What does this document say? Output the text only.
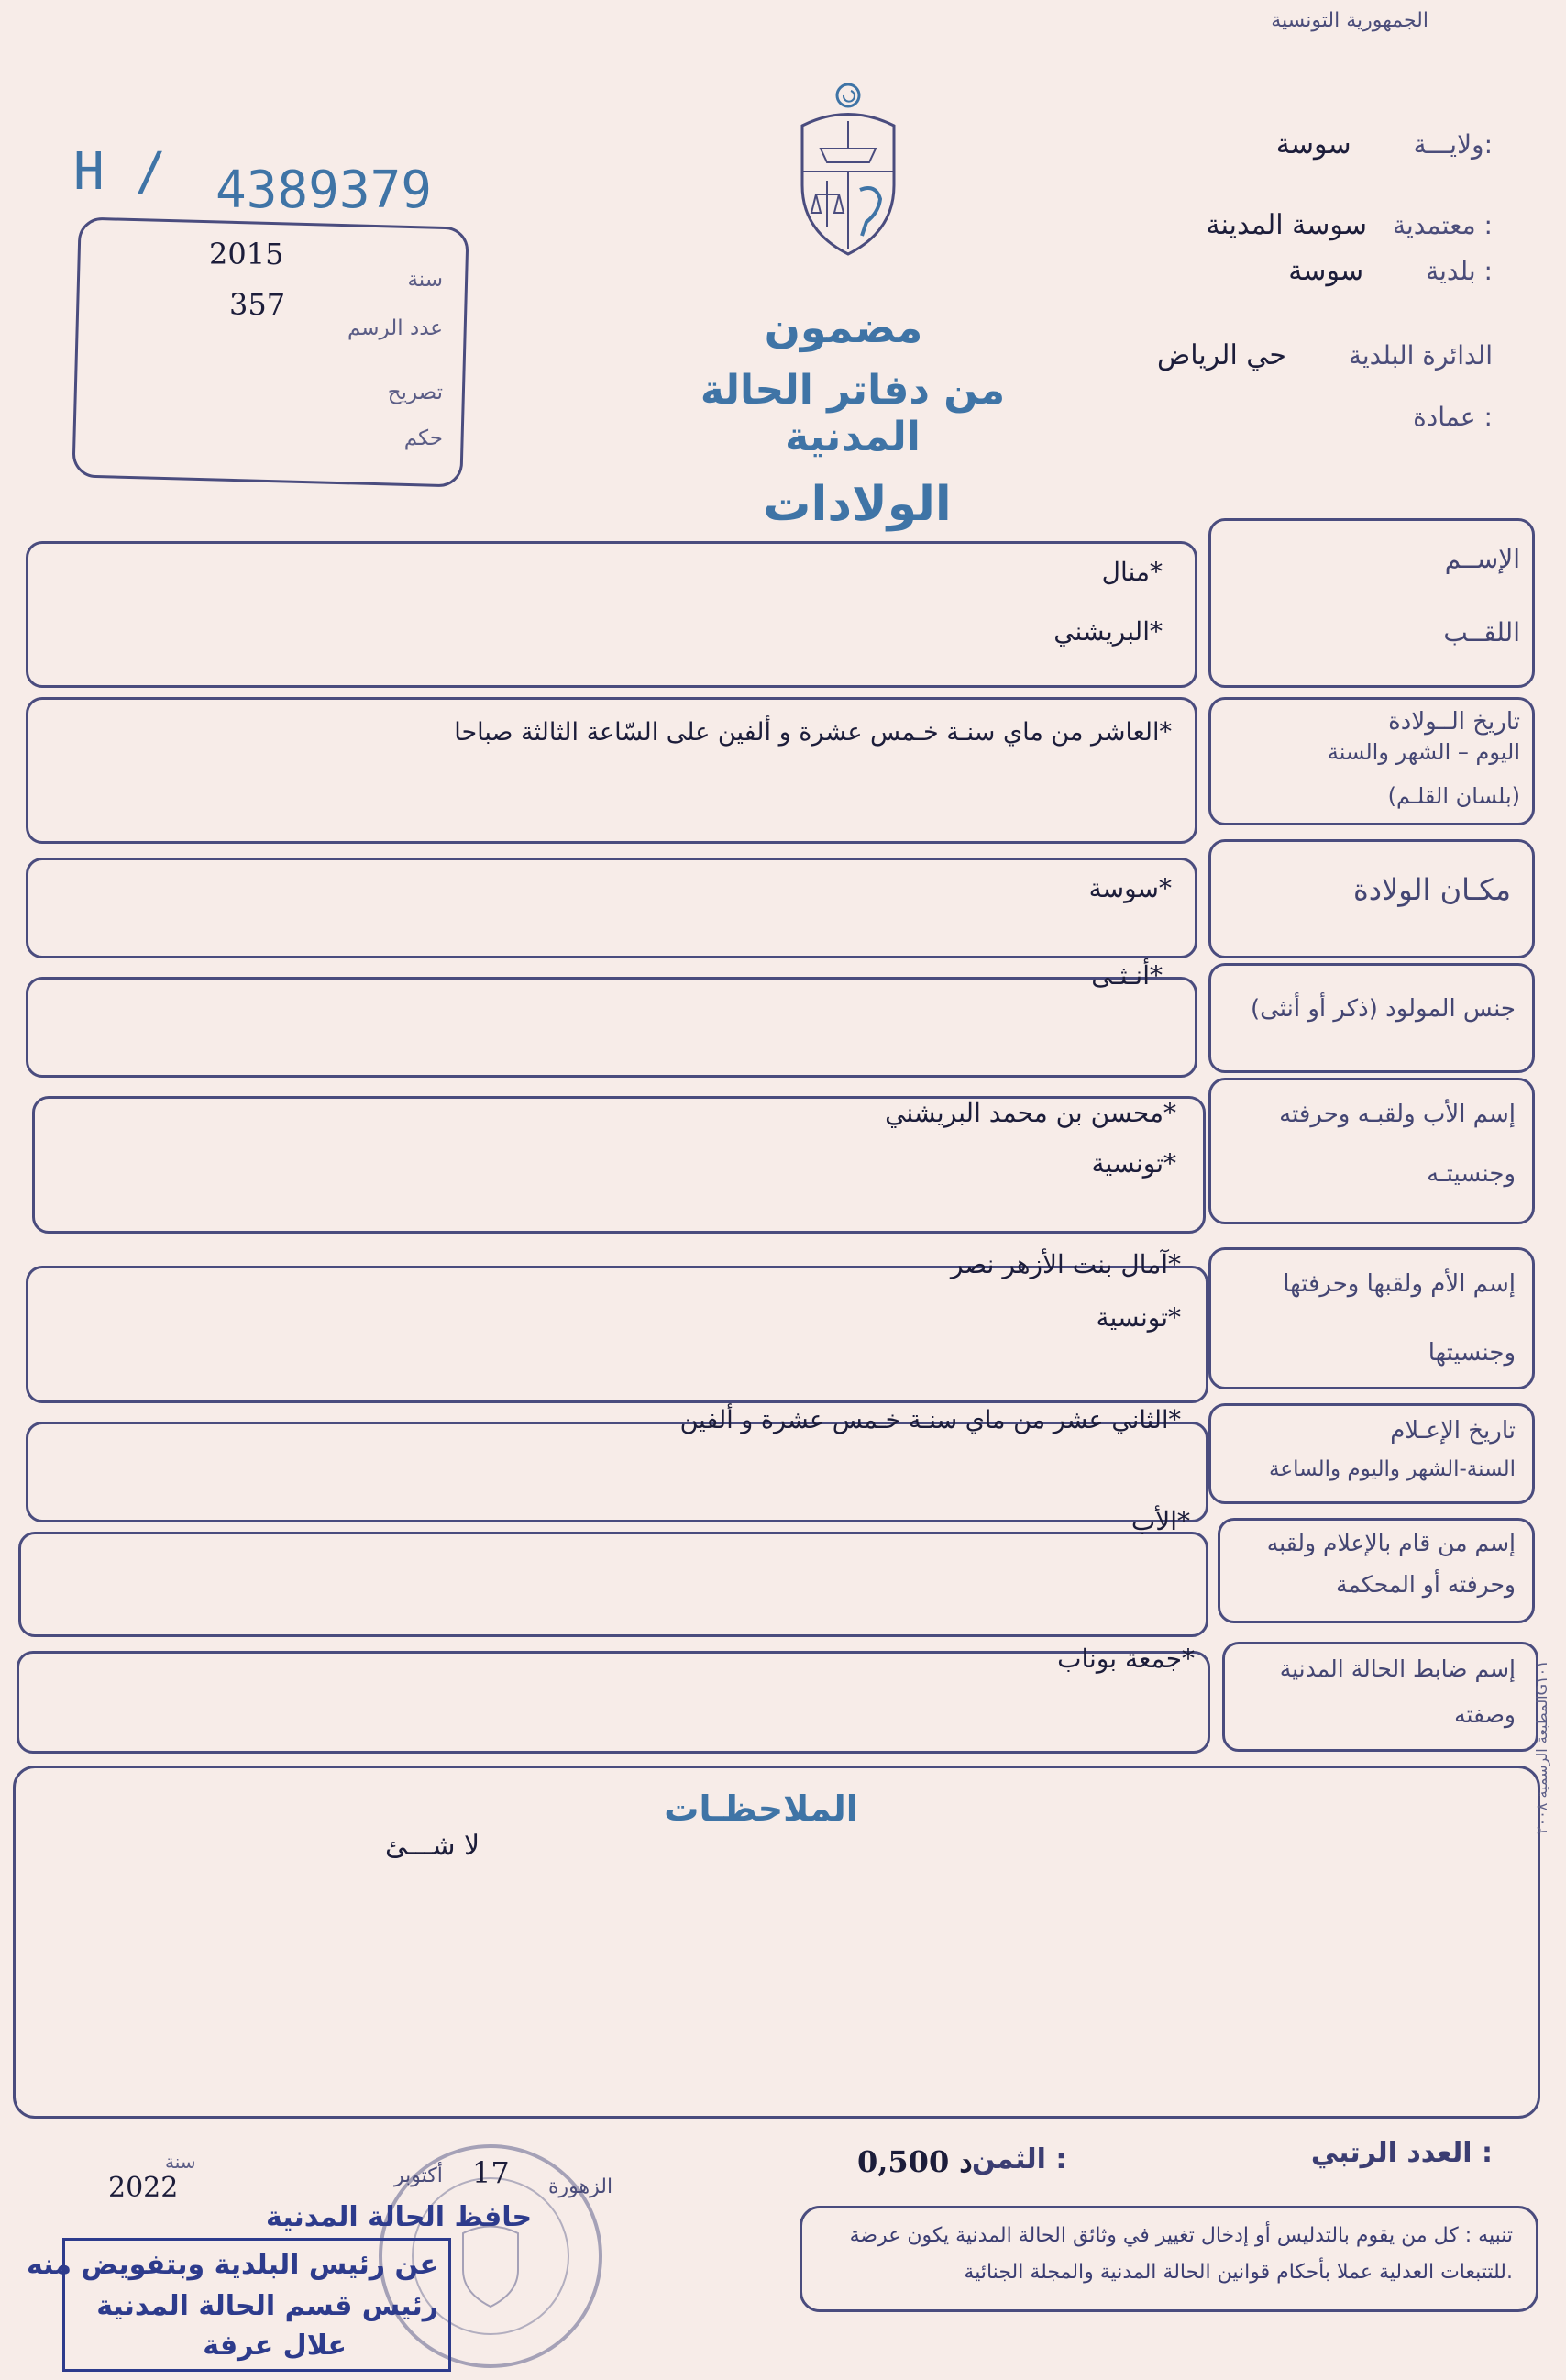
الجمهورية التونسية
H / 4389379
2015
سنة
357
عدد الرسم
تصريح
حكم
ولايـــة:
سوسة
معتمدية :
سوسة المدينة
بلدية :
سوسة
الدائرة البلدية
حي الرياض
عمادة :
مضمون
من دفاتر الحالة المدنية
الولادات
الإســم
اللقــب
منال*
البريشني*
تاريخ الــولادة
اليوم – الشهر والسنة
(بلسان القلـم)
العاشر من ماي سنـة خـمس عشرة و ألفين على السّاعة الثالثة صباحا*
مكـان الولادة
سوسة*
جنس المولود (ذكر أو أنثى)
أنـثـى*
إسم الأب ولقبـه وحرفته
وجنسيتـه
محسن بن محمد البريشني*
تونسية*
إسم الأم ولقبها وحرفتها
وجنسيتها
آمال بنت الأزهر نصر*
تونسية*
تاريخ الإعـلام
السنة-الشهر واليوم والساعة
الثاني عشر من ماي سنـة خـمس عشرة و ألفين*
إسم من قام بالإعلام ولقبه
وحرفته أو المحكمة
الأب*
إسم ضابط الحالة المدنية
وصفته
جمعة بوناب*
الملاحظـات
لا شـــئ
المطبعة الرسمية ٢٠٠٨G١٠١
العدد الرتبي :
الثمن :
0,500 د
تنبيه : كل من يقوم بالتدليس أو إدخال تغيير في وثائق الحالة المدنية يكون عرضة
للتتبعات العدلية عملا بأحكام قوانين الحالة المدنية والمجلة الجنائية.
سنة
2022	17
أكتوبر	الزهورة
حافظ الحالة المدنية
عن رئيس البلدية وبتفويض منه
رئيس قسم الحالة المدنية
علال عرفة
